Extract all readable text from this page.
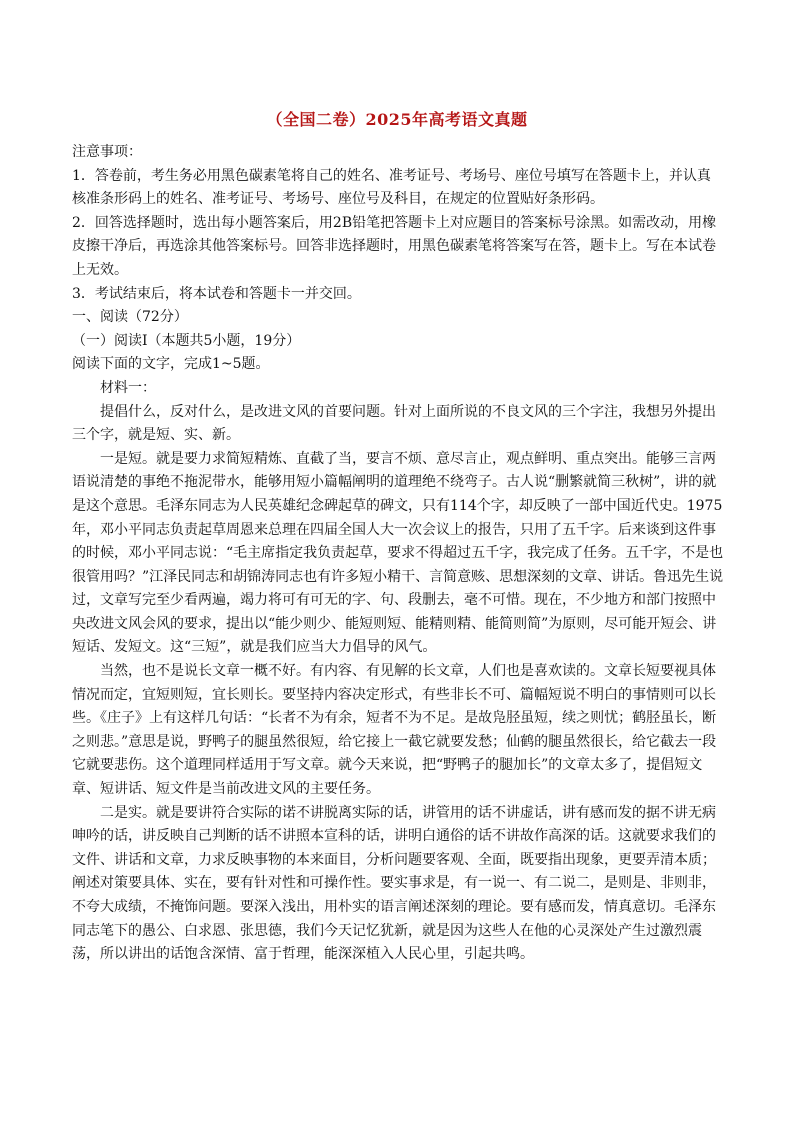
（全国二卷）2025年高考语文真题

注意事项：

1．答卷前，考生务必用黑色碳素笔将自己的姓名、准考证号、考场号、座位号填写在答题卡上，并认真核准条形码上的姓名、准考证号、考场号、座位号及科目，在规定的位置贴好条形码。

2．回答选择题时，选出每小题答案后，用2B铅笔把答题卡上对应题目的答案标号涂黑。如需改动，用橡皮擦干净后，再选涂其他答案标号。回答非选择题时，用黑色碳素笔将答案写在答，题卡上。写在本试卷上无效。

3．考试结束后，将本试卷和答题卡一并交回。

一、阅读（72分）

（一）阅读Ⅰ（本题共5小题，19分）

阅读下面的文字，完成1~5题。

材料一：

提倡什么，反对什么，是改进文风的首要问题。针对上面所说的不良文风的三个字注，我想另外提出三个字，就是短、实、新。

一是短。就是要力求简短精炼、直截了当，要言不烦、意尽言止，观点鲜明、重点突出。能够三言两语说清楚的事绝不拖泥带水，能够用短小篇幅阐明的道理绝不绕弯子。古人说“删繁就简三秋树”，讲的就是这个意思。毛泽东同志为人民英雄纪念碑起草的碑文，只有114个字，却反映了一部中国近代史。1975年，邓小平同志负责起草周恩来总理在四届全国人大一次会议上的报告，只用了五千字。后来谈到这件事的时候，邓小平同志说：“毛主席指定我负责起草，要求不得超过五千字，我完成了任务。五千字，不是也很管用吗？”江泽民同志和胡锦涛同志也有许多短小精干、言简意赅、思想深刻的文章、讲话。鲁迅先生说过，文章写完至少看两遍，竭力将可有可无的字、句、段删去，毫不可惜。现在，不少地方和部门按照中央改进文风会风的要求，提出以“能少则少、能短则短、能精则精、能简则简”为原则，尽可能开短会、讲短话、发短文。这“三短”，就是我们应当大力倡导的风气。

当然，也不是说长文章一概不好。有内容、有见解的长文章，人们也是喜欢读的。文章长短要视具体情况而定，宜短则短，宜长则长。要坚持内容决定形式，有些非长不可、篇幅短说不明白的事情则可以长些。《庄子》上有这样几句话：“长者不为有余，短者不为不足。是故凫胫虽短，续之则忧；鹤胫虽长，断之则悲。”意思是说，野鸭子的腿虽然很短，给它接上一截它就要发愁；仙鹤的腿虽然很长，给它截去一段它就要悲伤。这个道理同样适用于写文章。就今天来说，把“野鸭子的腿加长”的文章太多了，提倡短文章、短讲话、短文件是当前改进文风的主要任务。

二是实。就是要讲符合实际的诺不讲脱离实际的话，讲管用的话不讲虚话，讲有感而发的据不讲无病呻吟的话，讲反映自己判断的话不讲照本宣科的话，讲明白通俗的话不讲故作高深的话。这就要求我们的文件、讲话和文章，力求反映事物的本来面目，分析问题要客观、全面，既要指出现象，更要弄清本质；阐述对策要具体、实在，要有针对性和可操作性。要实事求是，有一说一、有二说二，是则是、非则非，不夸大成绩，不掩饰问题。要深入浅出，用朴实的语言阐述深刻的理论。要有感而发，情真意切。毛泽东同志笔下的愚公、白求恩、张思德，我们今天记忆犹新，就是因为这些人在他的心灵深处产生过激烈震荡，所以讲出的话饱含深情、富于哲理，能深深植入人民心里，引起共鸣。
